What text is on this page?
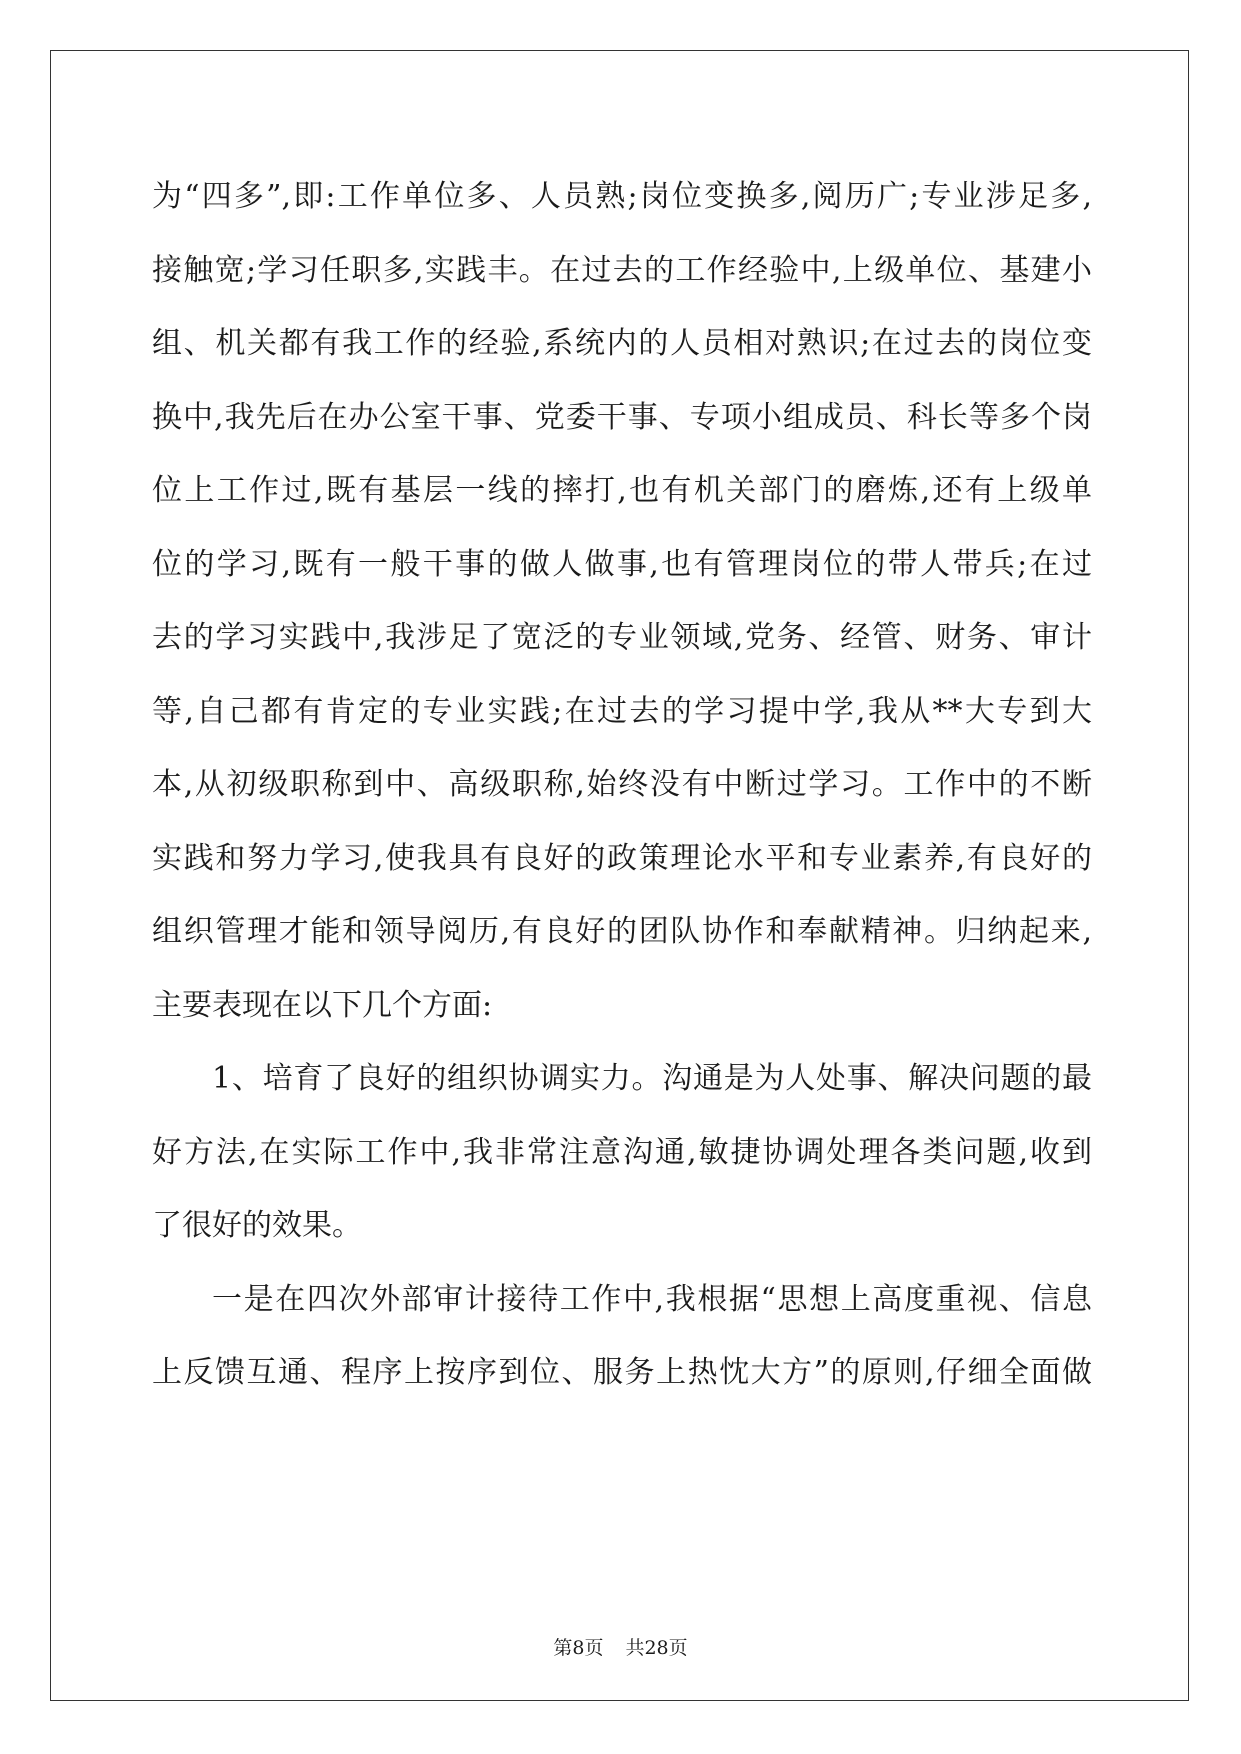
为“四多”,即:工作单位多、人员熟;岗位变换多,阅历广;专业涉足多,
接触宽;学习任职多,实践丰。在过去的工作经验中,上级单位、基建小
组、机关都有我工作的经验,系统内的人员相对熟识;在过去的岗位变
换中,我先后在办公室干事、党委干事、专项小组成员、科长等多个岗
位上工作过,既有基层一线的摔打,也有机关部门的磨炼,还有上级单
位的学习,既有一般干事的做人做事,也有管理岗位的带人带兵;在过
去的学习实践中,我涉足了宽泛的专业领域,党务、经管、财务、审计
等,自己都有肯定的专业实践;在过去的学习提中学,我从**大专到大
本,从初级职称到中、高级职称,始终没有中断过学习。工作中的不断
实践和努力学习,使我具有良好的政策理论水平和专业素养,有良好的
组织管理才能和领导阅历,有良好的团队协作和奉献精神。归纳起来,
主要表现在以下几个方面:
1、培育了良好的组织协调实力。沟通是为人处事、解决问题的最
好方法,在实际工作中,我非常注意沟通,敏捷协调处理各类问题,收到
了很好的效果。
一是在四次外部审计接待工作中,我根据“思想上高度重视、信息
上反馈互通、程序上按序到位、服务上热忱大方”的原则,仔细全面做
第8页 共28页
